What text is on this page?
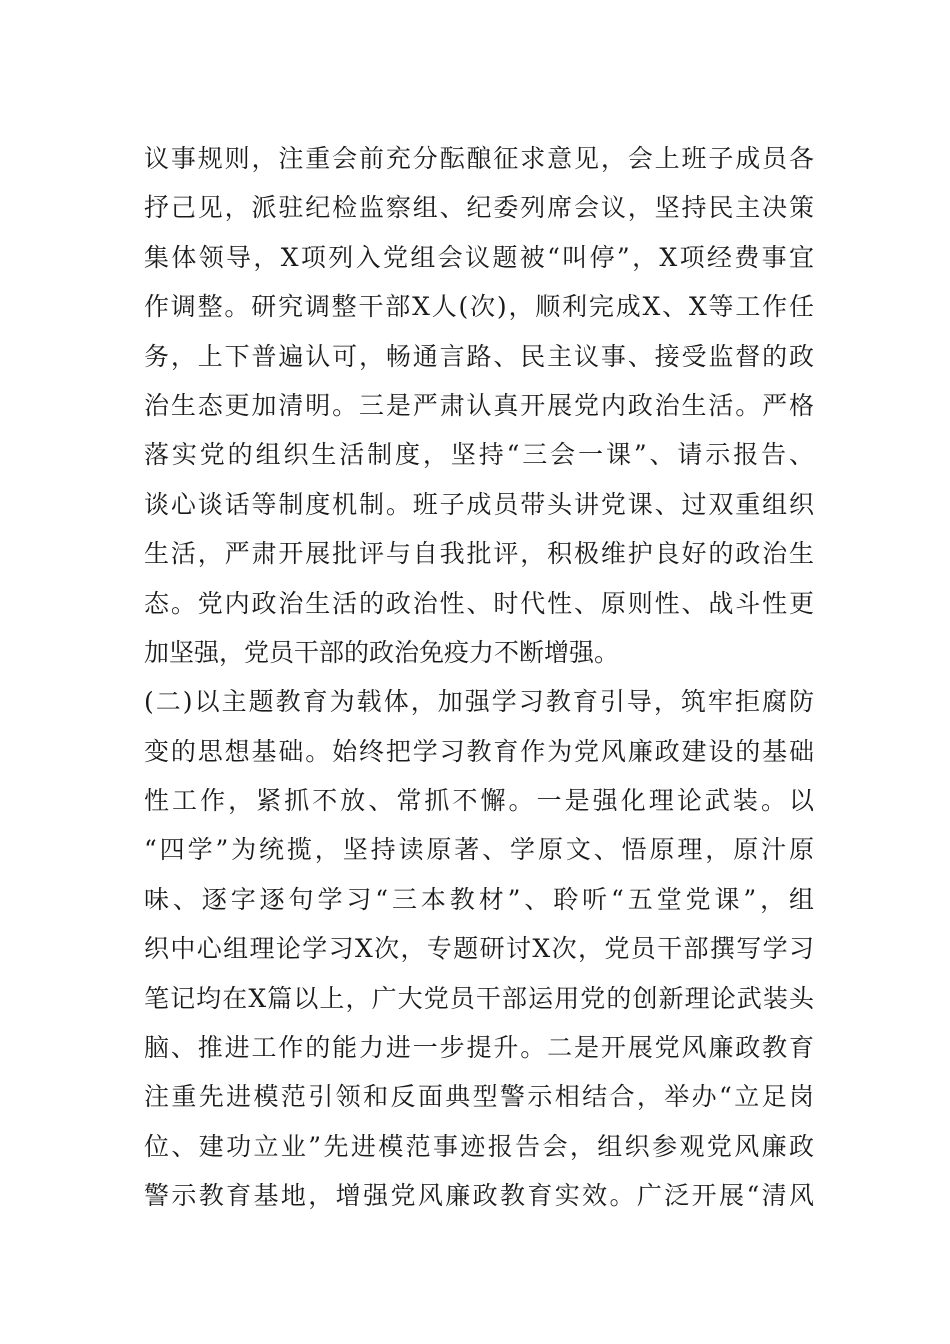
议事规则，注重会前充分酝酿征求意见，会上班子成员各
抒己见，派驻纪检监察组、纪委列席会议，坚持民主决策
集体领导，X项列入党组会议题被“叫停”，X项经费事宜
作调整。研究调整干部X人(次)，顺利完成X、X等工作任
务，上下普遍认可，畅通言路、民主议事、接受监督的政
治生态更加清明。三是严肃认真开展党内政治生活。严格
落实党的组织生活制度，坚持“三会一课”、请示报告、
谈心谈话等制度机制。班子成员带头讲党课、过双重组织
生活，严肃开展批评与自我批评，积极维护良好的政治生
态。党内政治生活的政治性、时代性、原则性、战斗性更
加坚强，党员干部的政治免疫力不断增强。
(二)以主题教育为载体，加强学习教育引导，筑牢拒腐防
变的思想基础。始终把学习教育作为党风廉政建设的基础
性工作，紧抓不放、常抓不懈。一是强化理论武装。以
“四学”为统揽，坚持读原著、学原文、悟原理，原汁原
味、逐字逐句学习“三本教材”、聆听“五堂党课”，组
织中心组理论学习X次，专题研讨X次，党员干部撰写学习
笔记均在X篇以上，广大党员干部运用党的创新理论武装头
脑、推进工作的能力进一步提升。二是开展党风廉政教育
注重先进模范引领和反面典型警示相结合，举办“立足岗
位、建功立业”先进模范事迹报告会，组织参观党风廉政
警示教育基地，增强党风廉政教育实效。广泛开展“清风
